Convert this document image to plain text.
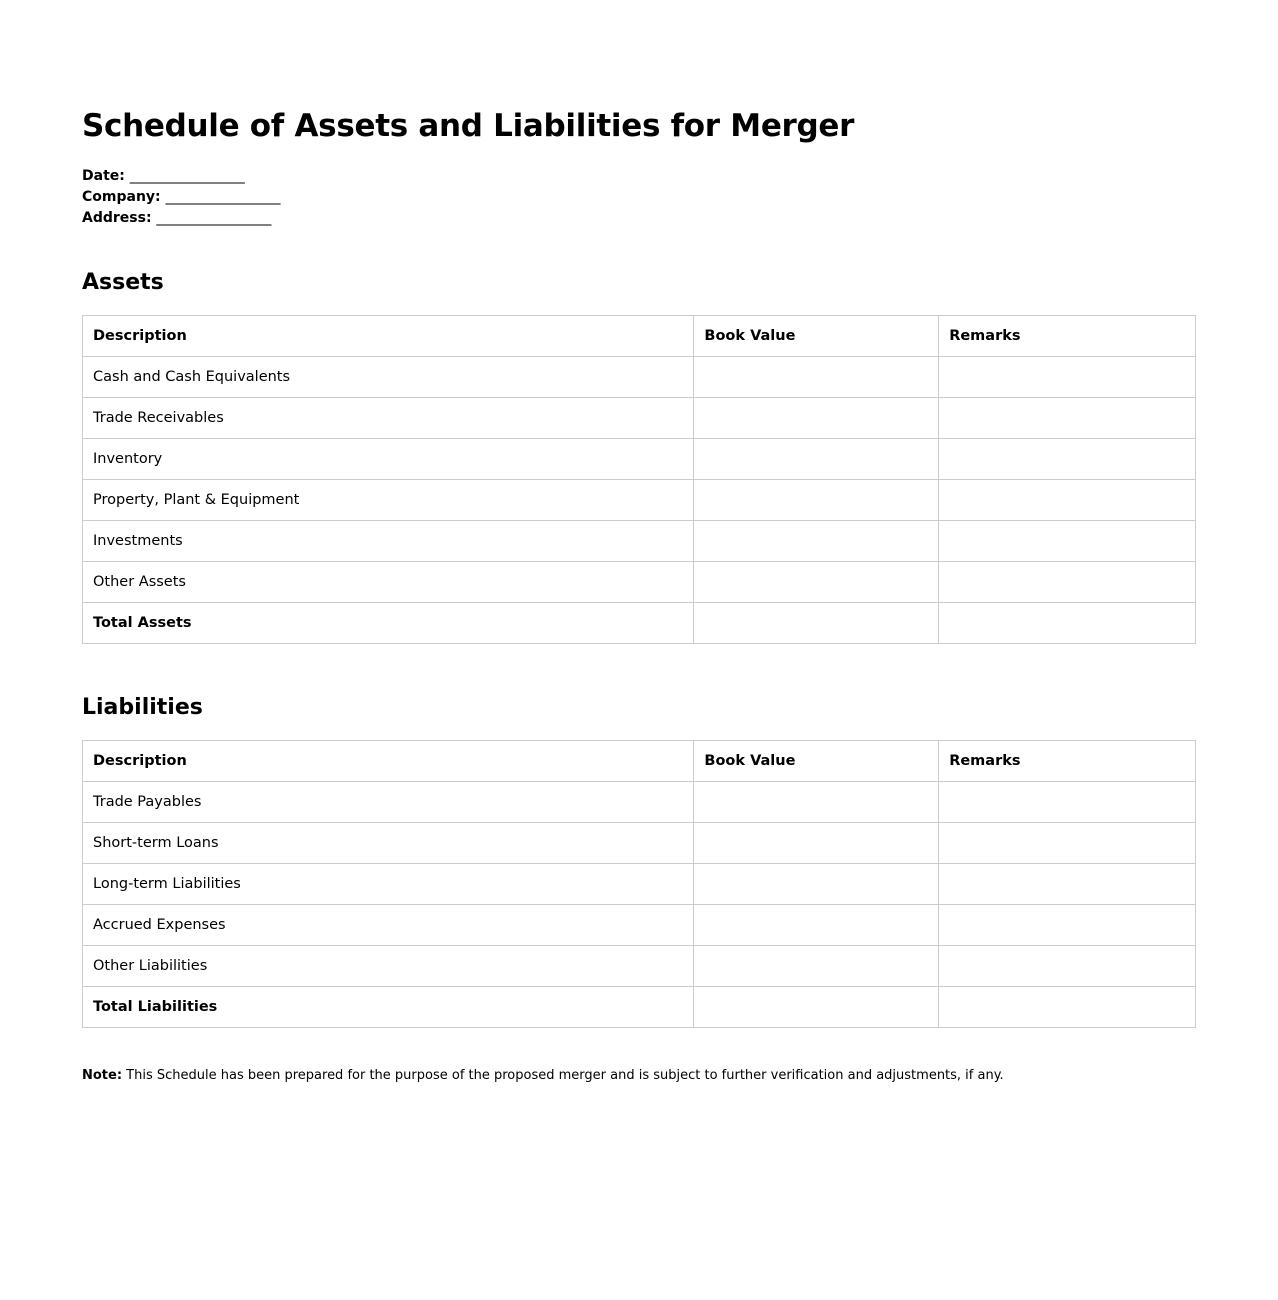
Schedule of Assets and Liabilities for Merger
Date: ___________________
Company: ___________________
Address: ___________________
Assets
Description	Book Value	Remarks
Cash and Cash Equivalents		
Trade Receivables		
Inventory		
Property, Plant & Equipment		
Investments		
Other Assets		
Total Assets		
Liabilities
Description	Book Value	Remarks
Trade Payables		
Short-term Loans		
Long-term Liabilities		
Accrued Expenses		
Other Liabilities		
Total Liabilities		
Note: This Schedule has been prepared for the purpose of the proposed merger and is subject to further verification and adjustments, if any.
